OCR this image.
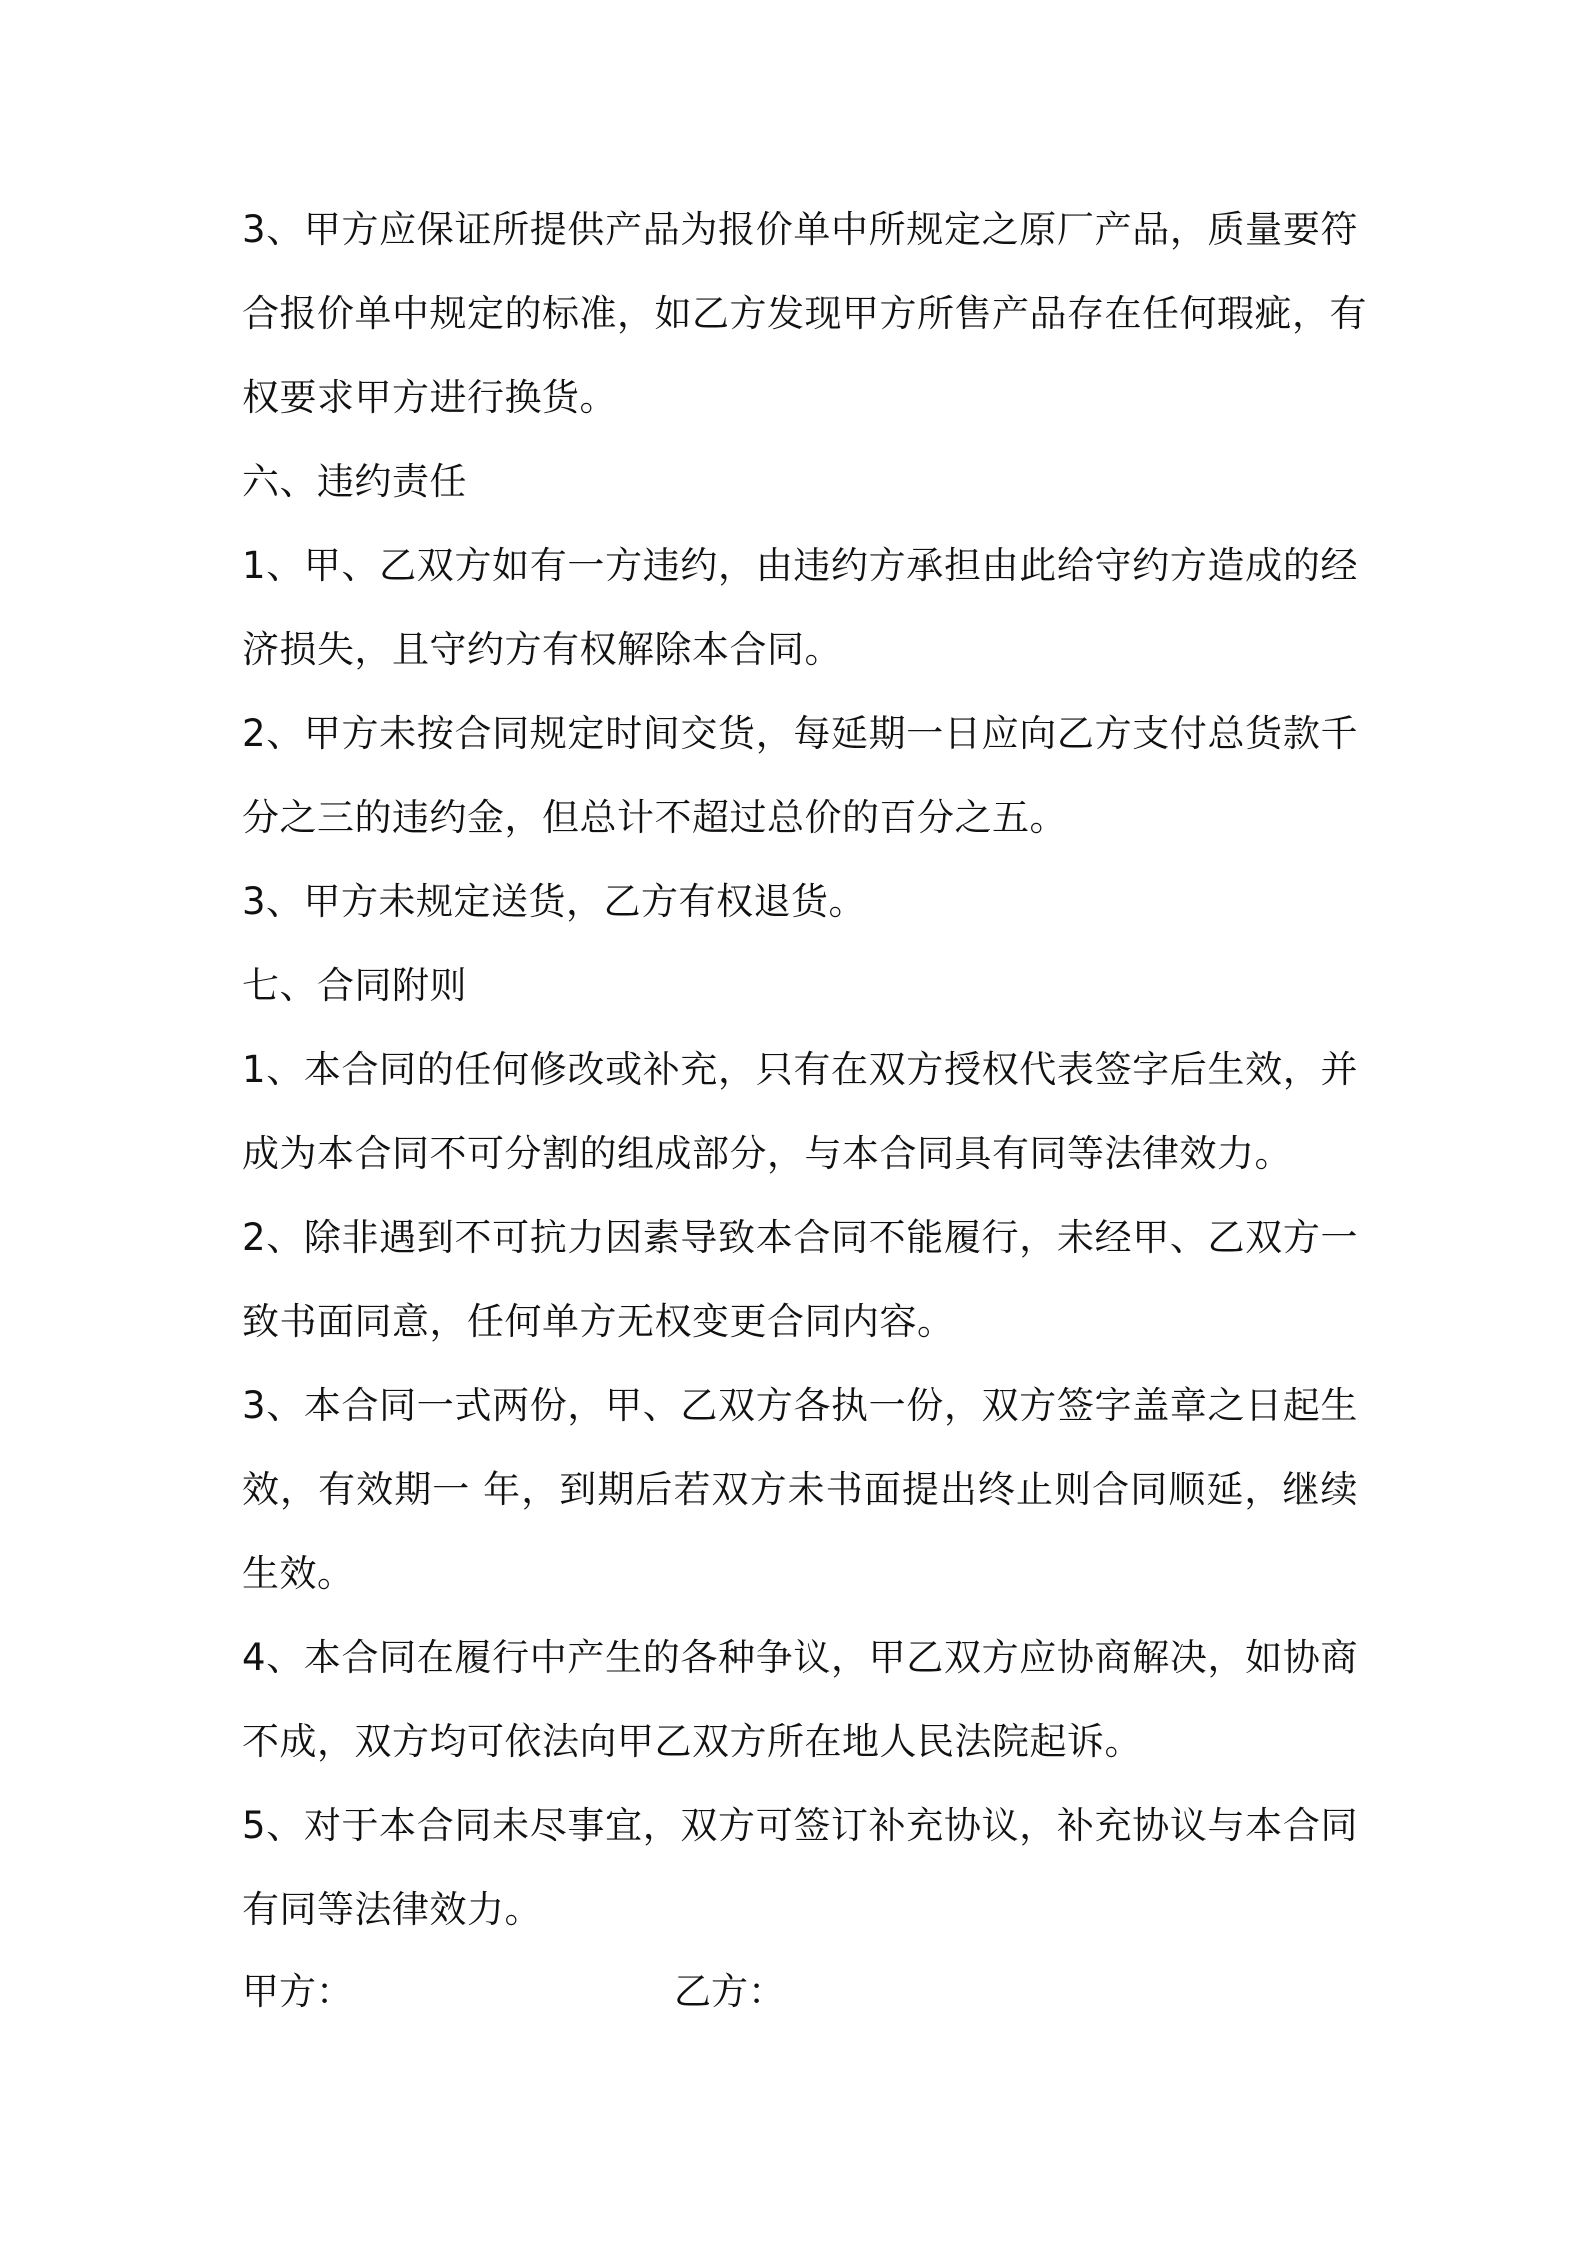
3、甲方应保证所提供产品为报价单中所规定之原厂产品，质量要符
合报价单中规定的标准，如乙方发现甲方所售产品存在任何瑕疵，有
权要求甲方进行换货。
六、违约责任
1、甲、乙双方如有一方违约，由违约方承担由此给守约方造成的经
济损失，且守约方有权解除本合同。
2、甲方未按合同规定时间交货，每延期一日应向乙方支付总货款千
分之三的违约金，但总计不超过总价的百分之五。
3、甲方未规定送货，乙方有权退货。
七、合同附则
1、本合同的任何修改或补充，只有在双方授权代表签字后生效，并
成为本合同不可分割的组成部分，与本合同具有同等法律效力。
2、除非遇到不可抗力因素导致本合同不能履行，未经甲、乙双方一
致书面同意，任何单方无权变更合同内容。
3、本合同一式两份，甲、乙双方各执一份，双方签字盖章之日起生
效，有效期一 年，到期后若双方未书面提出终止则合同顺延，继续
生效。
4、本合同在履行中产生的各种争议，甲乙双方应协商解决，如协商
不成，双方均可依法向甲乙双方所在地人民法院起诉。
5、对于本合同未尽事宜，双方可签订补充协议，补充协议与本合同
有同等法律效力。
甲方：	乙方：
